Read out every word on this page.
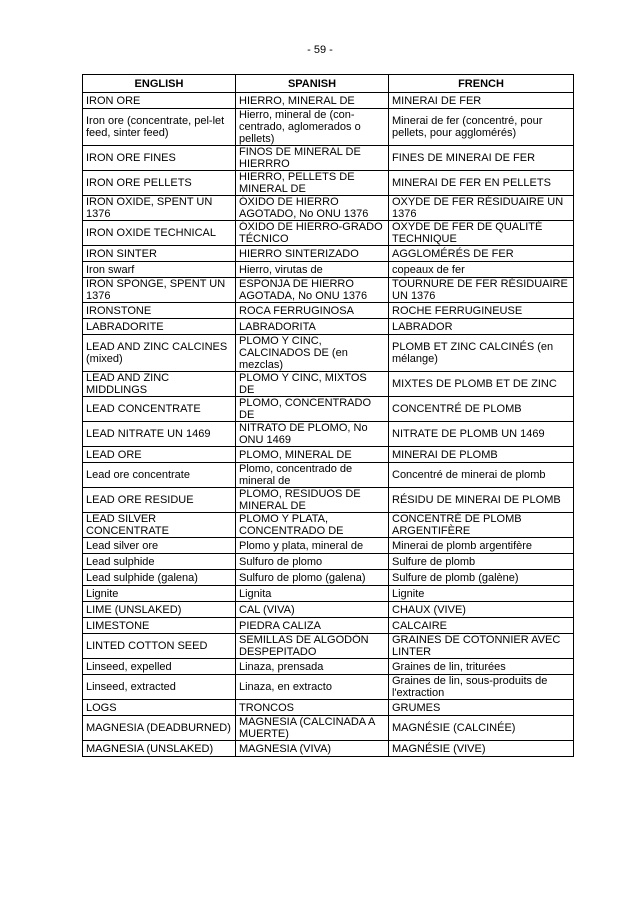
- 59 -
ENGLISH	SPANISH	FRENCH
IRON ORE	HIERRO, MINERAL DE	MINERAI DE FER
Iron ore (concentrate, pel-let feed, sinter feed)	Hierro, mineral de (con-centrado, aglomerados o pellets)	Minerai de fer (concentré, pour pellets, pour agglomérés)
IRON ORE FINES	FINOS DE MINERAL DE HIERRRO	FINES DE MINERAI DE FER
IRON ORE PELLETS	HIERRO, PELLETS DE MINERAL DE	MINERAI DE FER EN PELLETS
IRON OXIDE, SPENT UN 1376	ÓXIDO DE HIERRO AGOTADO, No ONU 1376	OXYDE DE FER RÉSIDUAIRE UN 1376
IRON OXIDE TECHNICAL	ÓXIDO DE HIERRO-GRADO TÉCNICO	OXYDE DE FER DE QUALITÉ TECHNIQUE
IRON SINTER	HIERRO SINTERIZADO	AGGLOMÉRÉS DE FER
Iron swarf	Hierro, virutas de	copeaux de fer
IRON SPONGE, SPENT UN 1376	ESPONJA DE HIERRO AGOTADA, No ONU 1376	TOURNURE DE FER RÉSIDUAIRE UN 1376
IRONSTONE	ROCA FERRUGINOSA	ROCHE FERRUGINEUSE
LABRADORITE	LABRADORITA	LABRADOR
LEAD AND ZINC CALCINES (mixed)	PLOMO Y CINC, CALCINADOS DE (en mezclas)	PLOMB ET ZINC CALCINÉS (en mélange)
LEAD AND ZINC MIDDLINGS	PLOMO Y CINC, MIXTOS DE	MIXTES DE PLOMB ET DE ZINC
LEAD CONCENTRATE	PLOMO, CONCENTRADO DE	CONCENTRÉ DE PLOMB
LEAD NITRATE UN 1469	NITRATO DE PLOMO, No ONU 1469	NITRATE DE PLOMB UN 1469
LEAD ORE	PLOMO, MINERAL DE	MINERAI DE PLOMB
Lead ore concentrate	Plomo, concentrado de mineral de	Concentré de minerai de plomb
LEAD ORE RESIDUE	PLOMO, RESIDUOS DE MINERAL DE	RÉSIDU DE MINERAI DE PLOMB
LEAD SILVER CONCENTRATE	PLOMO Y PLATA, CONCENTRADO DE	CONCENTRÉ DE PLOMB ARGENTIFÈRE
Lead silver ore	Plomo y plata, mineral de	Minerai de plomb argentifère
Lead sulphide	Sulfuro de plomo	Sulfure de plomb
Lead sulphide (galena)	Sulfuro de plomo (galena)	Sulfure de plomb (galène)
Lignite	Lignita	Lignite
LIME (UNSLAKED)	CAL (VIVA)	CHAUX (VIVE)
LIMESTONE	PIEDRA CALIZA	CALCAIRE
LINTED COTTON SEED	SEMILLAS DE ALGODÓN DESPEPITADO	GRAINES DE COTONNIER AVEC LINTER
Linseed, expelled	Linaza, prensada	Graines de lin, triturées
Linseed, extracted	Linaza, en extracto	Graines de lin, sous-produits de l'extraction
LOGS	TRONCOS	GRUMES
MAGNESIA (DEADBURNED)	MAGNESIA (CALCINADA A MUERTE)	MAGNÉSIE (CALCINÉE)
MAGNESIA (UNSLAKED)	MAGNESIA (VIVA)	MAGNÉSIE (VIVE)
